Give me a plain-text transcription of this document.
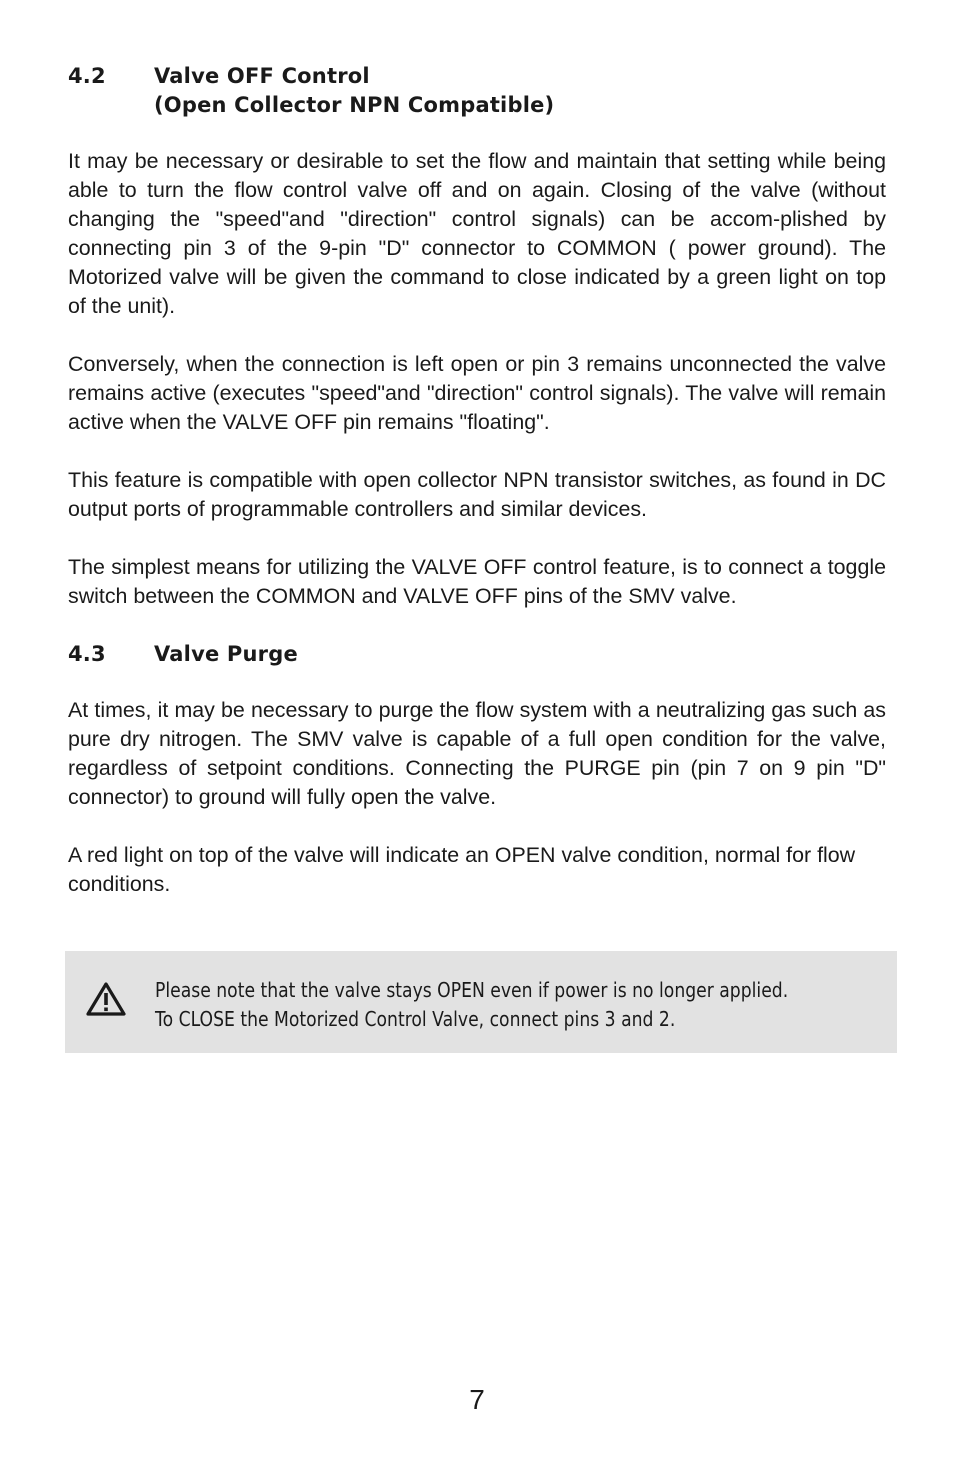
4.2	Valve OFF Control
(Open Collector NPN Compatible)

It may be necessary or desirable to set the flow and maintain that setting while being able to turn the flow control valve off and on again. Closing of the valve (without changing the "speed"and "direction" control signals) can be accom-plished by connecting pin 3 of the 9-pin "D" connector to COMMON ( power ground). The Motorized valve will be given the command to close indicated by a green light on top of the unit).

Conversely, when the connection is left open or pin 3 remains unconnected the valve remains active (executes "speed"and "direction" control signals). The valve will remain active when the VALVE OFF pin remains "floating".

This feature is compatible with open collector NPN transistor switches, as found in DC output ports of programmable controllers and similar devices.

The simplest means for utilizing the VALVE OFF control feature, is to connect a toggle switch between the COMMON and VALVE OFF pins of the SMV valve.

4.3	Valve Purge

At times, it may be necessary to purge the flow system with a neutralizing gas such as pure dry nitrogen. The SMV valve is capable of a full open condition for the valve, regardless of setpoint conditions. Connecting the PURGE pin (pin 7 on 9 pin "D" connector) to ground will fully open the valve.

A red light on top of the valve will indicate an OPEN valve condition, normal for flow conditions.

Please note that the valve stays OPEN even if power is no longer applied.
To CLOSE the Motorized Control Valve, connect pins 3 and 2.
7
